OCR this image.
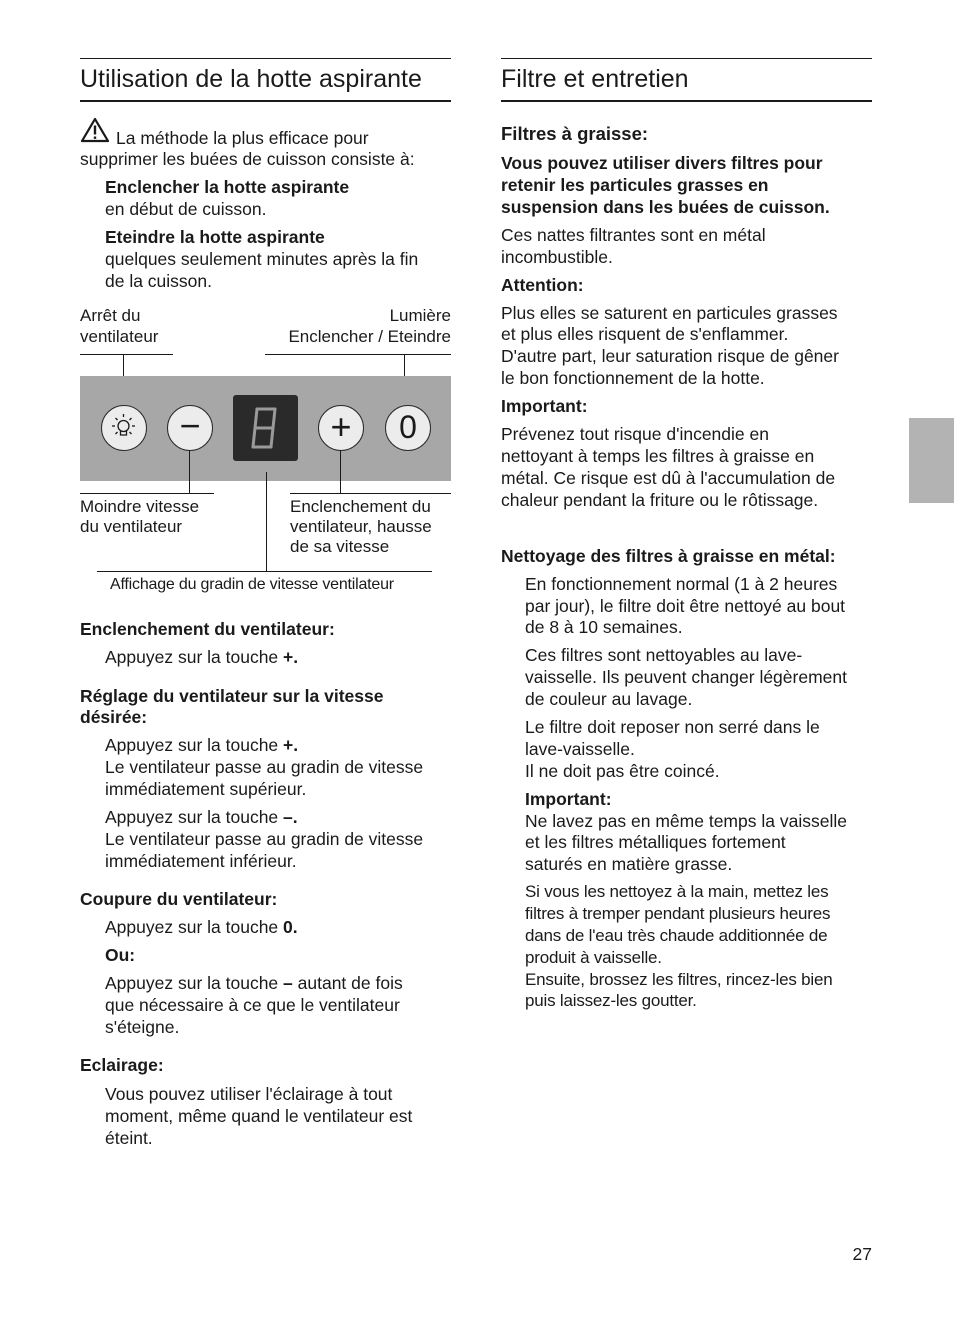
Utilisation de la hotte aspirante
La méthode la plus efficace pour
supprimer les buées de cuisson consiste à:
Enclencher la hotte aspirante
en début de cuisson.
Eteindre la hotte aspirante
quelques seulement minutes après la fin
de la cuisson.
Arrêt du
ventilateur
Lumière
Enclencher / Eteindre
−	+	0
Moindre vitesse
du ventilateur
Enclenchement du
ventilateur, hausse
de sa vitesse
Affichage du gradin de vitesse ventilateur
Enclenchement du ventilateur:
Appuyez sur la touche +.
Réglage du ventilateur sur la vitesse
désirée:
Appuyez sur la touche +.
Le ventilateur passe au gradin de vitesse
immédiatement supérieur.
Appuyez sur la touche –.
Le ventilateur passe au gradin de vitesse
immédiatement inférieur.
Coupure du ventilateur:
Appuyez sur la touche 0.
Ou:
Appuyez sur la touche – autant de fois
que nécessaire à ce que le ventilateur
s'éteigne.
Eclairage:
Vous pouvez utiliser l'éclairage à tout
moment, même quand le ventilateur est
éteint.
Filtre et entretien
Filtres à graisse:
Vous pouvez utiliser divers filtres pour
retenir les particules grasses en
suspension dans les buées de cuisson.
Ces nattes filtrantes sont en métal
incombustible.
Attention:
Plus elles se saturent en particules grasses
et plus elles risquent de s'enflammer.
D'autre part, leur saturation risque de gêner
le bon fonctionnement de la hotte.
Important:
Prévenez tout risque d'incendie en
nettoyant à temps les filtres à graisse en
métal. Ce risque est dû à l'accumulation de
chaleur pendant la friture ou le rôtissage.
Nettoyage des filtres à graisse en métal:
En fonctionnement normal (1 à 2 heures
par jour), le filtre doit être nettoyé au bout
de 8 à 10 semaines.
Ces filtres sont nettoyables au lave-
vaisselle. Ils peuvent changer légèrement
de couleur au lavage.
Le filtre doit reposer non serré dans le
lave-vaisselle.
Il ne doit pas être coincé.
Important:
Ne lavez pas en même temps la vaisselle
et les filtres métalliques fortement
saturés en matière grasse.
Si vous les nettoyez à la main, mettez les
filtres à tremper pendant plusieurs heures
dans de l'eau très chaude additionnée de
produit à vaisselle.
Ensuite, brossez les filtres, rincez-les bien
puis laissez-les goutter.
27
